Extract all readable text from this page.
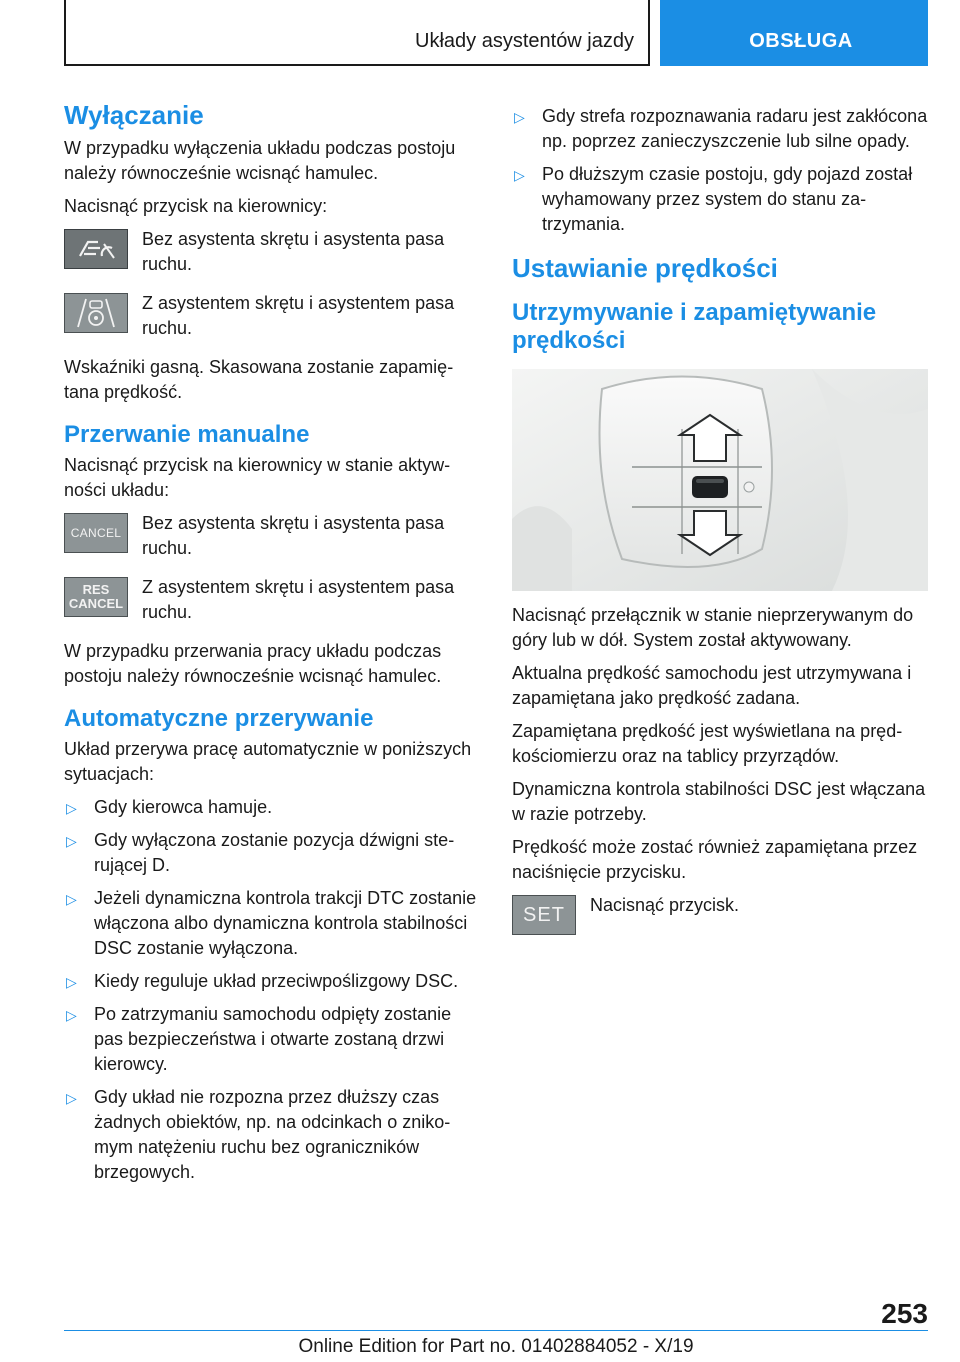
Układy asystentów jazdy	OBSŁUGA
Wyłączanie

W przypadku wyłączenia układu podczas postoju należy równocześnie wcisnąć hamulec.

Nacisnąć przycisk na kierownicy:

Bez asystenta skrętu i asystenta pasa ruchu.
Z asystentem skrętu i asystentem pasa ruchu.

Wskaźniki gasną. Skasowana zostanie zapamiętana prędkość.

Przerwanie manualne

Nacisnąć przycisk na kierownicy w stanie aktywności układu:

CANCEL Bez asystenta skrętu i asystenta pasa ruchu.
RES
CANCEL
Z asystentem skrętu i asystentem pasa ruchu.

W przypadku przerwania pracy układu podczas postoju należy równocześnie wcisnąć hamulec.

Automatyczne przerywanie

Układ przerywa pracę automatycznie w poniższych sytuacjach:

▷ Gdy kierowca hamuje.
▷ Gdy wyłączona zostanie pozycja dźwigni sterującej D.
▷ Jeżeli dynamiczna kontrola trakcji DTC zostanie włączona albo dynamiczna kontrola stabilności DSC zostanie wyłączona.
▷ Kiedy reguluje układ przeciwpoślizgowy DSC.
▷ Po zatrzymaniu samochodu odpięty zostanie pas bezpieczeństwa i otwarte zostaną drzwi kierowcy.
▷ Gdy układ nie rozpozna przez dłuższy czas żadnych obiektów, np. na odcinkach o znikomym natężeniu ruchu bez ograniczników brzegowych.
▷ Gdy strefa rozpoznawania radaru jest zakłócona np. poprzez zanieczyszczenie lub silne opady.
▷ Po dłuższym czasie postoju, gdy pojazd został wyhamowany przez system do stanu zatrzymania.
Ustawianie prędkości
Utrzymywanie i zapamiętywanie prędkości

Nacisnąć przełącznik w stanie nieprzerywanym do góry lub w dół. System został aktywowany.

Aktualna prędkość samochodu jest utrzymywana i zapamiętana jako prędkość zadana.

Zapamiętana prędkość jest wyświetlana na prędkościomierzu oraz na tablicy przyrządów.

Dynamiczna kontrola stabilności DSC jest włączana w razie potrzeby.

Prędkość może zostać również zapamiętana przez naciśnięcie przycisku.

SET Nacisnąć przycisk.
253
Online Edition for Part no. 01402884052 - X/19
